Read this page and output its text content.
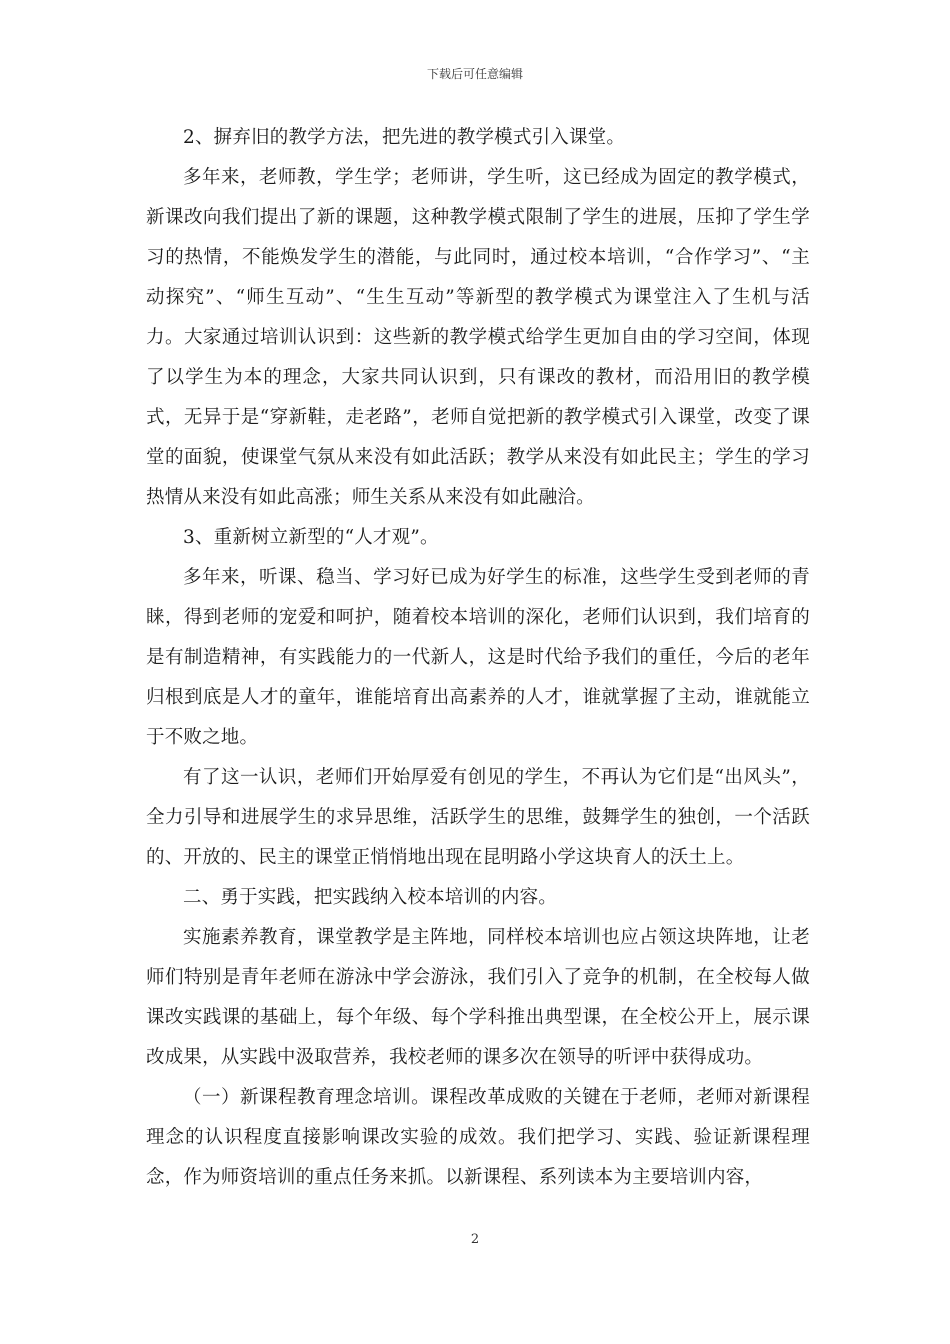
下载后可任意编辑

2、摒弃旧的教学方法，把先进的教学模式引入课堂。

多年来，老师教，学生学；老师讲，学生听，这已经成为固定的教学模式，新课改向我们提出了新的课题，这种教学模式限制了学生的进展，压抑了学生学习的热情，不能焕发学生的潜能，与此同时，通过校本培训，“合作学习”、“主动探究”、“师生互动”、“生生互动”等新型的教学模式为课堂注入了生机与活力。大家通过培训认识到：这些新的教学模式给学生更加自由的学习空间，体现了以学生为本的理念，大家共同认识到，只有课改的教材，而沿用旧的教学模式，无异于是“穿新鞋，走老路”，老师自觉把新的教学模式引入课堂，改变了课堂的面貌，使课堂气氛从来没有如此活跃；教学从来没有如此民主；学生的学习热情从来没有如此高涨；师生关系从来没有如此融洽。

3、重新树立新型的“人才观”。

多年来，听课、稳当、学习好已成为好学生的标准，这些学生受到老师的青睐，得到老师的宠爱和呵护，随着校本培训的深化，老师们认识到，我们培育的是有制造精神，有实践能力的一代新人，这是时代给予我们的重任，今后的老年归根到底是人才的童年，谁能培育出高素养的人才，谁就掌握了主动，谁就能立于不败之地。

有了这一认识，老师们开始厚爱有创见的学生，不再认为它们是“出风头”，全力引导和进展学生的求异思维，活跃学生的思维，鼓舞学生的独创，一个活跃的、开放的、民主的课堂正悄悄地出现在昆明路小学这块育人的沃土上。

二、勇于实践，把实践纳入校本培训的内容。

实施素养教育，课堂教学是主阵地，同样校本培训也应占领这块阵地，让老师们特别是青年老师在游泳中学会游泳，我们引入了竞争的机制，在全校每人做课改实践课的基础上，每个年级、每个学科推出典型课，在全校公开上，展示课改成果，从实践中汲取营养，我校老师的课多次在领导的听评中获得成功。

（一）新课程教育理念培训。课程改革成败的关键在于老师，老师对新课程理念的认识程度直接影响课改实验的成效。我们把学习、实践、验证新课程理念，作为师资培训的重点任务来抓。以新课程、系列读本为主要培训内容，

2
